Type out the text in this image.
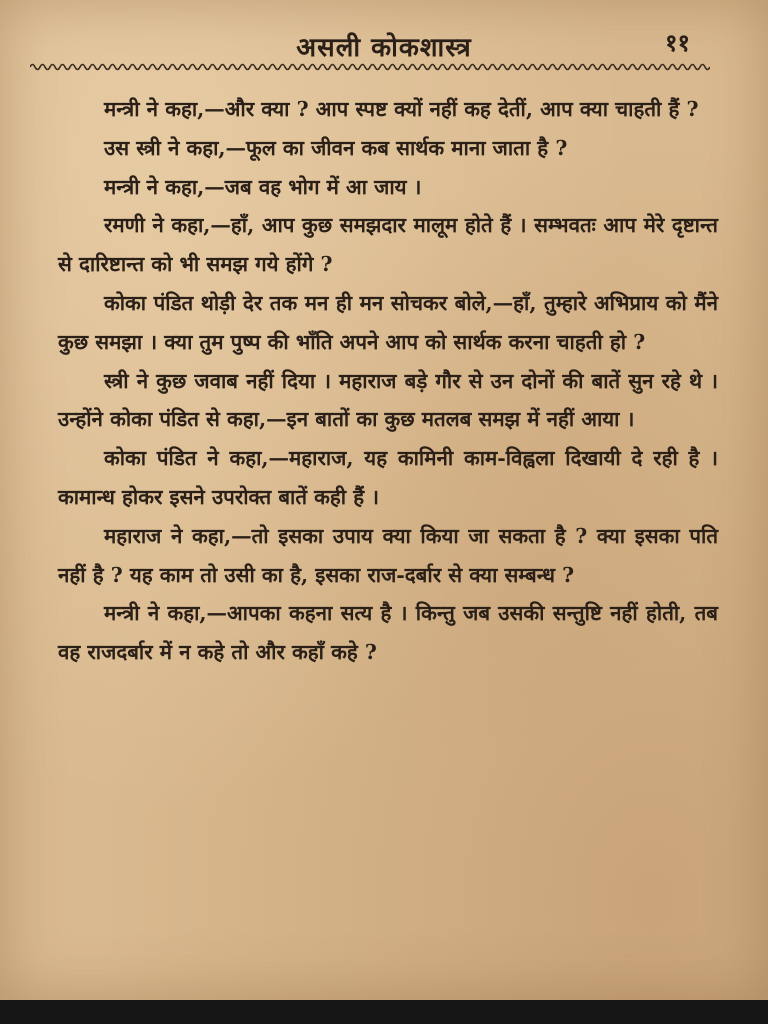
असली कोकशास्त्र	११

मन्त्री ने कहा,—और क्या ? आप स्पष्ट क्यों नहीं कह देतीं, आप क्या चाहती हैं ?

उस स्त्री ने कहा,—फूल का जीवन कब सार्थक माना जाता है ?

मन्त्री ने कहा,—जब वह भोग में आ जाय ।

रमणी ने कहा,—हाँ, आप कुछ समझदार मालूम होते हैं । सम्भवतः आप मेरे दृष्टान्त से दारिष्टान्त को भी समझ गये होंगे ?

कोका पंडित थोड़ी देर तक मन ही मन सोचकर बोले,—हाँ, तुम्हारे अभिप्राय को मैंने कुछ समझा । क्या तुम पुष्प की भाँति अपने आप को सार्थक करना चाहती हो ?

स्त्री ने कुछ जवाब नहीं दिया । महाराज बड़े गौर से उन दोनों की बातें सुन रहे थे । उन्होंने कोका पंडित से कहा,—इन बातों का कुछ मतलब समझ में नहीं आया ।

कोका पंडित ने कहा,—महाराज, यह कामिनी काम-विह्वला दिखायी दे रही है । कामान्ध होकर इसने उपरोक्त बातें कही हैं ।

महाराज ने कहा,—तो इसका उपाय क्या किया जा सकता है ? क्या इसका पति नहीं है ? यह काम तो उसी का है, इसका राज-दर्बार से क्या सम्बन्ध ?

मन्त्री ने कहा,—आपका कहना सत्य है । किन्तु जब उसकी सन्तुष्टि नहीं होती, तब वह राजदर्बार में न कहे तो और कहाँ कहे ?
